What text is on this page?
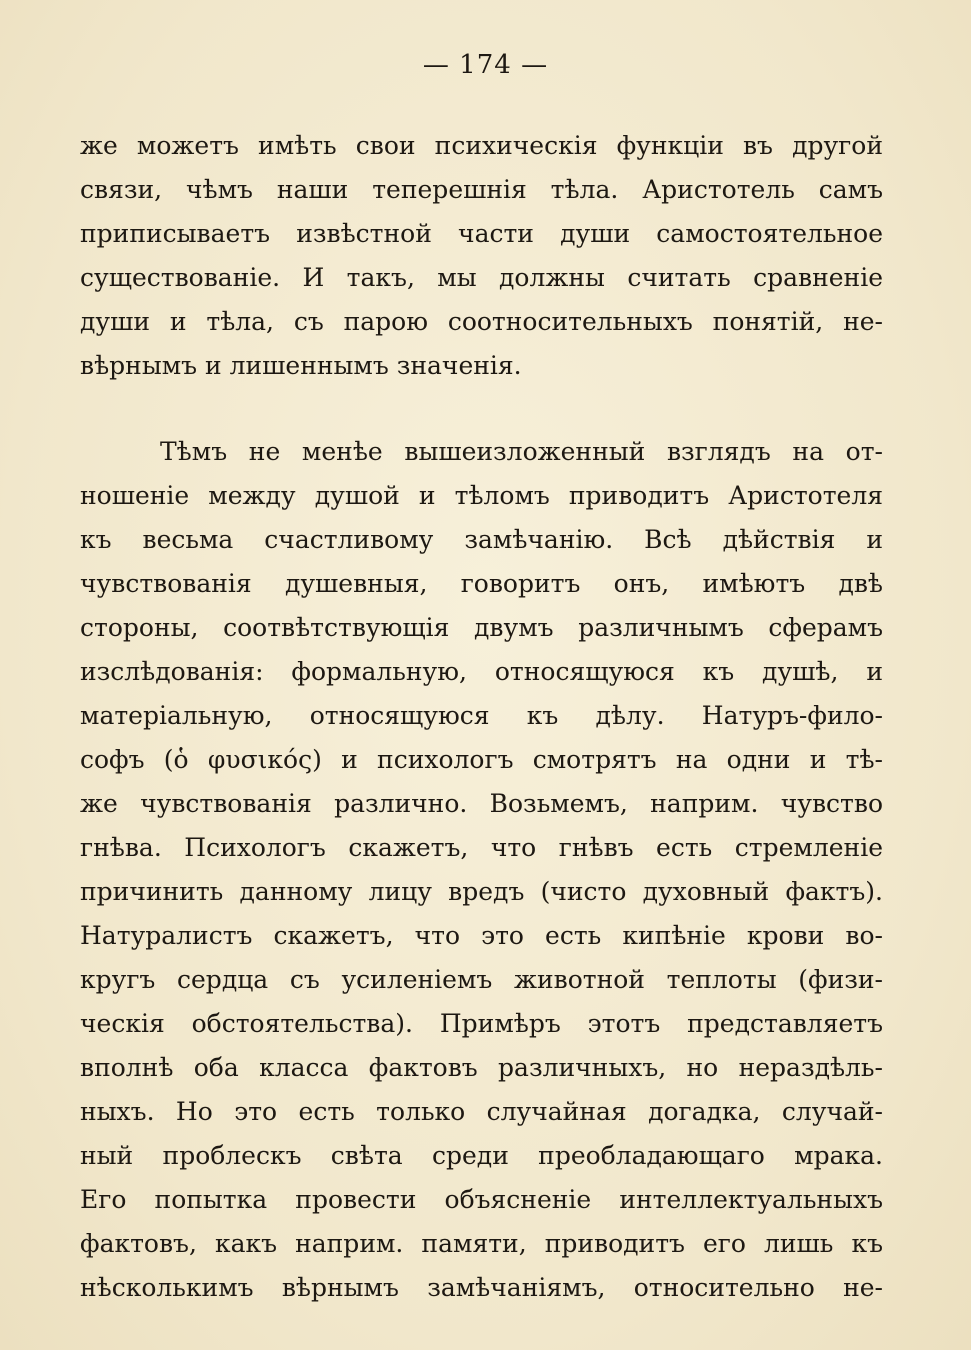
— 174 —
же можетъ имѣть свои психическія функціи въ другой
связи, чѣмъ наши теперешнія тѣла. Аристотель самъ
приписываетъ извѣстной части души самостоятельное
существованіе. И такъ, мы должны считать сравненіе
души и тѣла, съ парою соотносительныхъ понятій, не-
вѣрнымъ и лишеннымъ значенія.
Тѣмъ не менѣе вышеизложенный взглядъ на от-
ношеніе между душой и тѣломъ приводитъ Аристотеля
къ весьма счастливому замѣчанію. Всѣ дѣйствія и
чувствованія душевныя, говоритъ онъ, имѣютъ двѣ
стороны, соотвѣтствующія двумъ различнымъ сферамъ
изслѣдованія: формальную, относящуюся къ душѣ, и
матеріальную, относящуюся къ дѣлу. Натуръ-фило-
софъ (ὁ φυσικός) и психологъ смотрятъ на одни и тѣ-
же чувствованія различно. Возьмемъ, наприм. чувство
гнѣва. Психологъ скажетъ, что гнѣвъ есть стремленіе
причинить данному лицу вредъ (чисто духовный фактъ).
Натуралистъ скажетъ, что это есть кипѣніе крови во-
кругъ сердца съ усиленіемъ животной теплоты (физи-
ческія обстоятельства). Примѣръ этотъ представляетъ
вполнѣ оба класса фактовъ различныхъ, но нераздѣль-
ныхъ. Но это есть только случайная догадка, случай-
ный проблескъ свѣта среди преобладающаго мрака.
Его попытка провести объясненіе интеллектуальныхъ
фактовъ, какъ наприм. памяти, приводитъ его лишь къ
нѣсколькимъ вѣрнымъ замѣчаніямъ, относительно не-
